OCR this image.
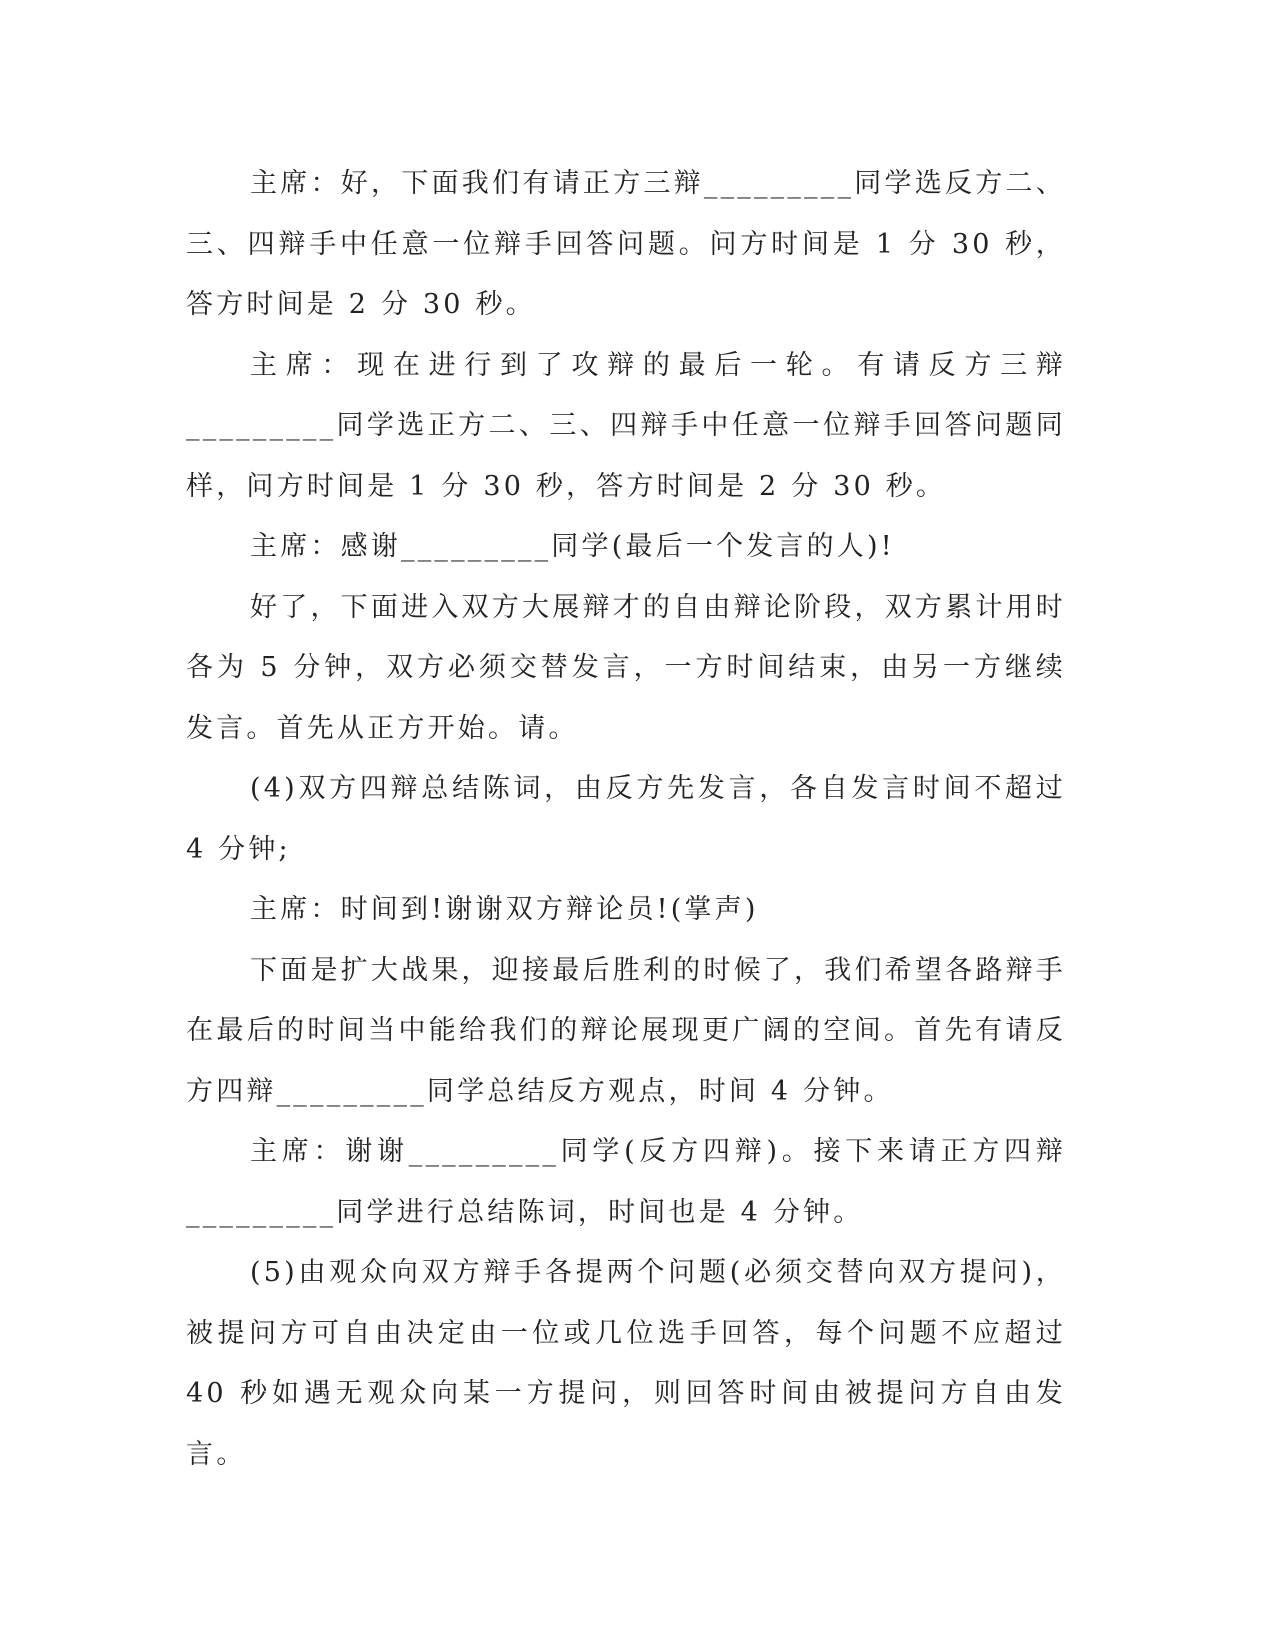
主席：好，下面我们有请正方三辩_________同学选反方二、三、四辩手中任意一位辩手回答问题。问方时间是 1 分 30 秒，答方时间是 2 分 30 秒。

主席：现在进行到了攻辩的最后一轮。有请反方三辩_________同学选正方二、三、四辩手中任意一位辩手回答问题同样，问方时间是 1 分 30 秒，答方时间是 2 分 30 秒。

主席：感谢_________同学(最后一个发言的人)!

好了，下面进入双方大展辩才的自由辩论阶段，双方累计用时各为 5 分钟，双方必须交替发言，一方时间结束，由另一方继续发言。首先从正方开始。请。

(4)双方四辩总结陈词，由反方先发言，各自发言时间不超过 4 分钟;

主席：时间到!谢谢双方辩论员!(掌声)

下面是扩大战果，迎接最后胜利的时候了，我们希望各路辩手在最后的时间当中能给我们的辩论展现更广阔的空间。首先有请反方四辩_________同学总结反方观点，时间 4 分钟。

主席：谢谢_________同学(反方四辩)。接下来请正方四辩_________同学进行总结陈词，时间也是 4 分钟。

(5)由观众向双方辩手各提两个问题(必须交替向双方提问)，被提问方可自由决定由一位或几位选手回答，每个问题不应超过 40 秒如遇无观众向某一方提问，则回答时间由被提问方自由发言。
